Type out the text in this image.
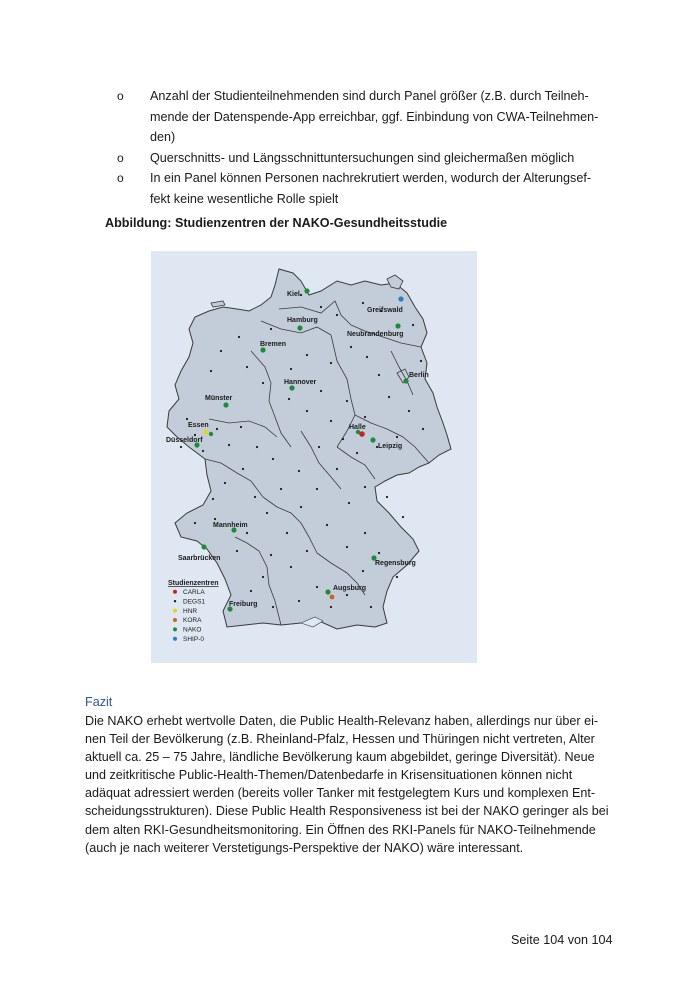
o Anzahl der Studienteilnehmenden sind durch Panel größer (z.B. durch Teilneh-
mende der Datenspende-App erreichbar, ggf. Einbindung von CWA-Teilnehmen-
den)
o Querschnitts- und Längsschnittuntersuchungen sind gleichermaßen möglich
o In ein Panel können Personen nachrekrutiert werden, wodurch der Alterungsef-
fekt keine wesentliche Rolle spielt
Abbildung: Studienzentren der NAKO-Gesundheitsstudie
Kiel
Greifswald
Hamburg
Neubrandenburg
Bremen
Berlin
Hannover
Münster
Essen	Halle
Düsseldorf
Leipzig
Mannheim
Regensburg
Saarbrücken
Augsburg
Freiburg
Studienzentren
CARLA
DEGS1
HNR
KORA
NAKO
SHIP-0
Fazit
Die NAKO erhebt wertvolle Daten, die Public Health-Relevanz haben, allerdings nur über ei-
nen Teil der Bevölkerung (z.B. Rheinland-Pfalz, Hessen und Thüringen nicht vertreten, Alter
aktuell ca. 25 – 75 Jahre, ländliche Bevölkerung kaum abgebildet, geringe Diversität). Neue
und zeitkritische Public-Health-Themen/Datenbedarfe in Krisensituationen können nicht
adäquat adressiert werden (bereits voller Tanker mit festgelegtem Kurs und komplexen Ent-
scheidungsstrukturen). Diese Public Health Responsiveness ist bei der NAKO geringer als bei
dem alten RKI-Gesundheitsmonitoring. Ein Öffnen des RKI-Panels für NAKO-Teilnehmende
(auch je nach weiterer Verstetigungs-Perspektive der NAKO) wäre interessant.
Seite 104 von 104
